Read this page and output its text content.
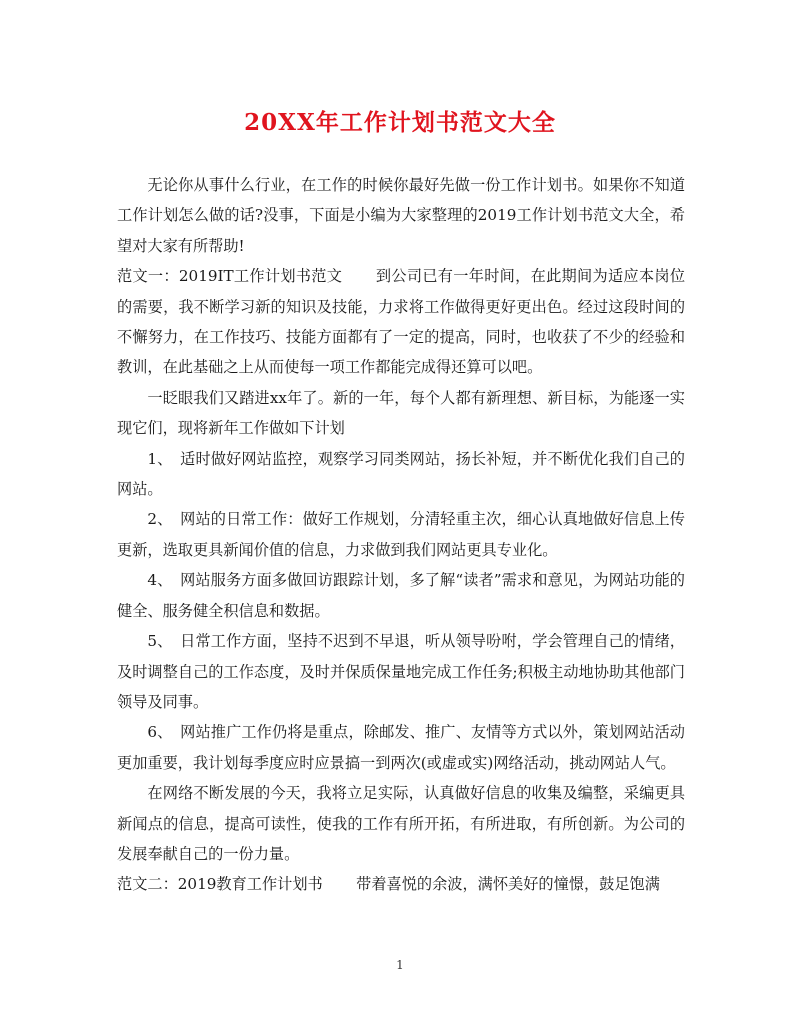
20XX年工作计划书范文大全

无论你从事什么行业，在工作的时候你最好先做一份工作计划书。如果你不知道工作计划怎么做的话?没事，下面是小编为大家整理的2019工作计划书范文大全，希望对大家有所帮助!

范文一：2019IT工作计划书范文 到公司已有一年时间，在此期间为适应本岗位的需要，我不断学习新的知识及技能，力求将工作做得更好更出色。经过这段时间的不懈努力，在工作技巧、技能方面都有了一定的提高，同时，也收获了不少的经验和教训，在此基础之上从而使每一项工作都能完成得还算可以吧。

一眨眼我们又踏进xx年了。新的一年，每个人都有新理想、新目标，为能逐一实现它们，现将新年工作做如下计划

1、　适时做好网站监控，观察学习同类网站，扬长补短，并不断优化我们自己的网站。

2、　网站的日常工作：做好工作规划，分清轻重主次，细心认真地做好信息上传更新，选取更具新闻价值的信息，力求做到我们网站更具专业化。

4、　网站服务方面多做回访跟踪计划，多了解“读者”需求和意见，为网站功能的健全、服务健全积信息和数据。

5、　日常工作方面，坚持不迟到不早退，听从领导吩咐，学会管理自己的情绪，及时调整自己的工作态度，及时并保质保量地完成工作任务;积极主动地协助其他部门领导及同事。

6、　网站推广工作仍将是重点，除邮发、推广、友情等方式以外，策划网站活动更加重要，我计划每季度应时应景搞一到两次(或虚或实)网络活动，挑动网站人气。

在网络不断发展的今天，我将立足实际，认真做好信息的收集及编整，采编更具新闻点的信息，提高可读性，使我的工作有所开拓，有所进取，有所创新。为公司的发展奉献自己的一份力量。

范文二：2019教育工作计划书 带着喜悦的余波，满怀美好的憧憬，鼓足饱满

1
